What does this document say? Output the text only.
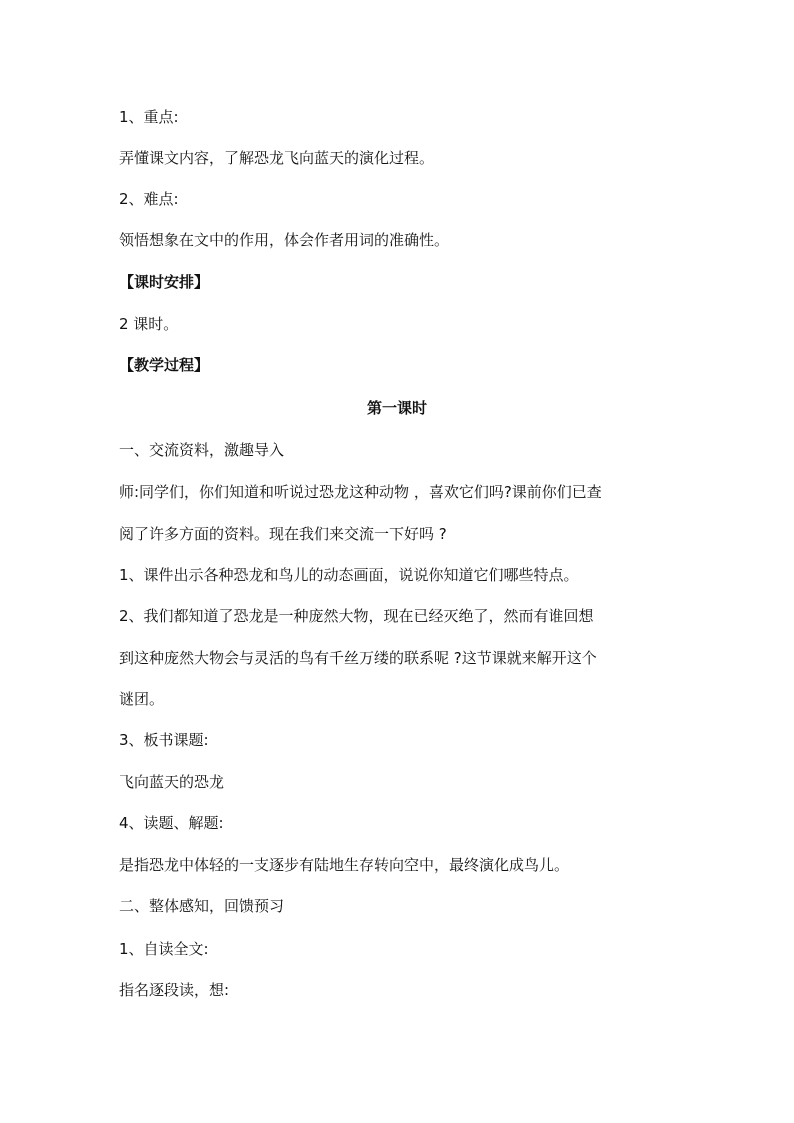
1、重点:
弄懂课文内容，了解恐龙飞向蓝天的演化过程。
2、难点:
领悟想象在文中的作用，体会作者用词的准确性。
【课时安排】
2 课时。
【教学过程】
第一课时
一、交流资料，激趣导入
师:同学们，你们知道和听说过恐龙这种动物 ，喜欢它们吗?课前你们已查
阅了许多方面的资料。现在我们来交流一下好吗 ?
1、课件出示各种恐龙和鸟儿的动态画面，说说你知道它们哪些特点。
2、我们都知道了恐龙是一种庞然大物，现在已经灭绝了，然而有谁回想
到这种庞然大物会与灵活的鸟有千丝万缕的联系呢 ?这节课就来解开这个
谜团。
3、板书课题:
飞向蓝天的恐龙
4、读题、解题:
是指恐龙中体轻的一支逐步有陆地生存转向空中，最终演化成鸟儿。
二、整体感知，回馈预习
1、自读全文:
指名逐段读，想:
